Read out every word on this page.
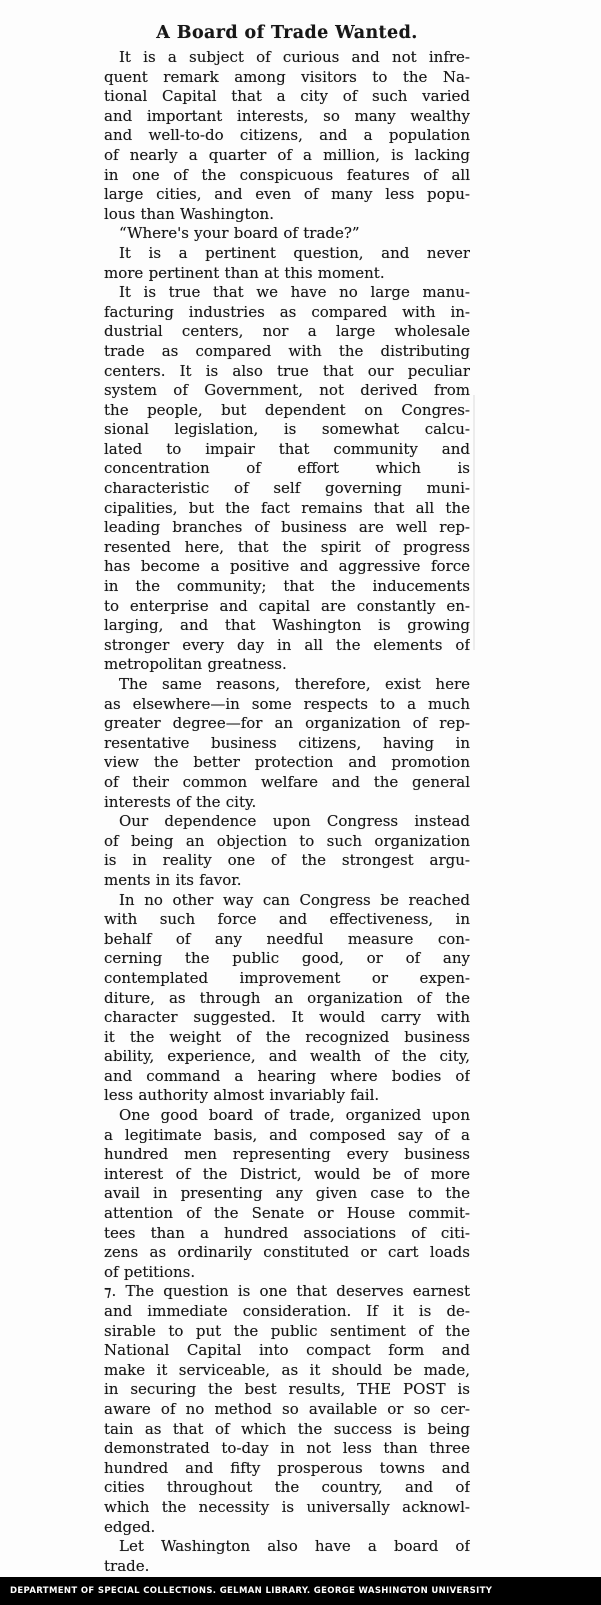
A Board of Trade Wanted.
It is a subject of curious and not infre-
quent remark among visitors to the Na-
tional Capital that a city of such varied
and important interests, so many wealthy
and well-to-do citizens, and a population
of nearly a quarter of a million, is lacking
in one of the conspicuous features of all
large cities, and even of many less popu-
lous than Washington.
“Where's your board of trade?”
It is a pertinent question, and never
more pertinent than at this moment.
It is true that we have no large manu-
facturing industries as compared with in-
dustrial centers, nor a large wholesale
trade as compared with the distributing
centers. It is also true that our peculiar
system of Government, not derived from
the people, but dependent on Congres-
sional legislation, is somewhat calcu-
lated to impair that community and
concentration of effort which is
characteristic of self governing muni-
cipalities, but the fact remains that all the
leading branches of business are well rep-
resented here, that the spirit of progress
has become a positive and aggressive force
in the community; that the inducements
to enterprise and capital are constantly en-
larging, and that Washington is growing
stronger every day in all the elements of
metropolitan greatness.
The same reasons, therefore, exist here
as elsewhere—in some respects to a much
greater degree—for an organization of rep-
resentative business citizens, having in
view the better protection and promotion
of their common welfare and the general
interests of the city.
Our dependence upon Congress instead
of being an objection to such organization
is in reality one of the strongest argu-
ments in its favor.
In no other way can Congress be reached
with such force and effectiveness, in
behalf of any needful measure con-
cerning the public good, or of any
contemplated improvement or expen-
diture, as through an organization of the
character suggested. It would carry with
it the weight of the recognized business
ability, experience, and wealth of the city,
and command a hearing where bodies of
less authority almost invariably fail.
One good board of trade, organized upon
a legitimate basis, and composed say of a
hundred men representing every business
interest of the District, would be of more
avail in presenting any given case to the
attention of the Senate or House commit-
tees than a hundred associations of citi-
zens as ordinarily constituted or cart loads
of petitions.
⁊. The question is one that deserves earnest
and immediate consideration. If it is de-
sirable to put the public sentiment of the
National Capital into compact form and
make it serviceable, as it should be made,
in securing the best results, THE POST is
aware of no method so available or so cer-
tain as that of which the success is being
demonstrated to-day in not less than three
hundred and fifty prosperous towns and
cities throughout the country, and of
which the necessity is universally acknowl-
edged.
Let Washington also have a board of
trade.
DEPARTMENT OF SPECIAL COLLECTIONS. GELMAN LIBRARY. GEORGE WASHINGTON UNIVERSITY
